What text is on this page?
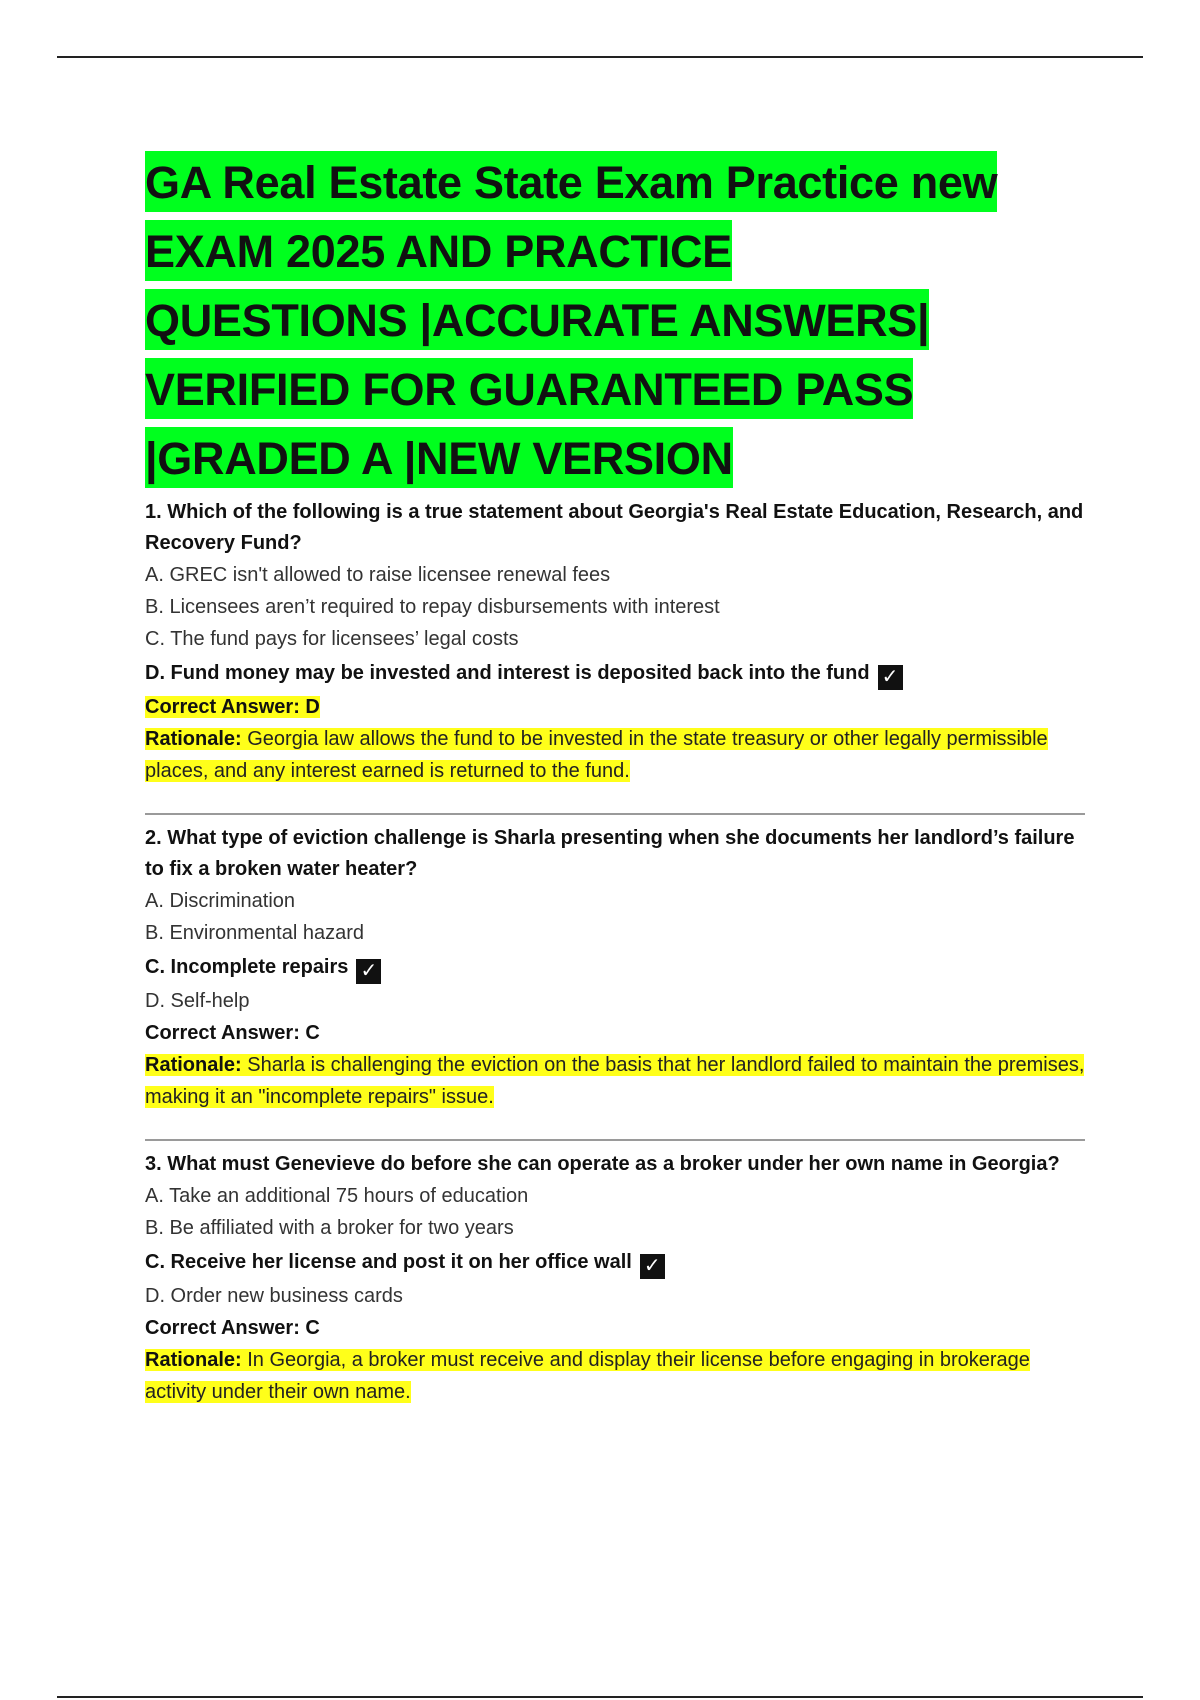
GA Real Estate State Exam Practice new EXAM 2025 AND PRACTICE QUESTIONS |ACCURATE ANSWERS| VERIFIED FOR GUARANTEED PASS |GRADED A |NEW VERSION

1. Which of the following is a true statement about Georgia's Real Estate Education, Research, and Recovery Fund?

A. GREC isn't allowed to raise licensee renewal fees

B. Licensees aren’t required to repay disbursements with interest

C. The fund pays for licensees’ legal costs

D. Fund money may be invested and interest is deposited back into the fund ✓

Correct Answer: D

Rationale: Georgia law allows the fund to be invested in the state treasury or other legally permissible places, and any interest earned is returned to the fund.

2. What type of eviction challenge is Sharla presenting when she documents her landlord’s failure to fix a broken water heater?

A. Discrimination

B. Environmental hazard

C. Incomplete repairs ✓

D. Self-help

Correct Answer: C

Rationale: Sharla is challenging the eviction on the basis that her landlord failed to maintain the premises, making it an "incomplete repairs" issue.

3. What must Genevieve do before she can operate as a broker under her own name in Georgia?

A. Take an additional 75 hours of education

B. Be affiliated with a broker for two years

C. Receive her license and post it on her office wall ✓

D. Order new business cards

Correct Answer: C

Rationale: In Georgia, a broker must receive and display their license before engaging in brokerage activity under their own name.
